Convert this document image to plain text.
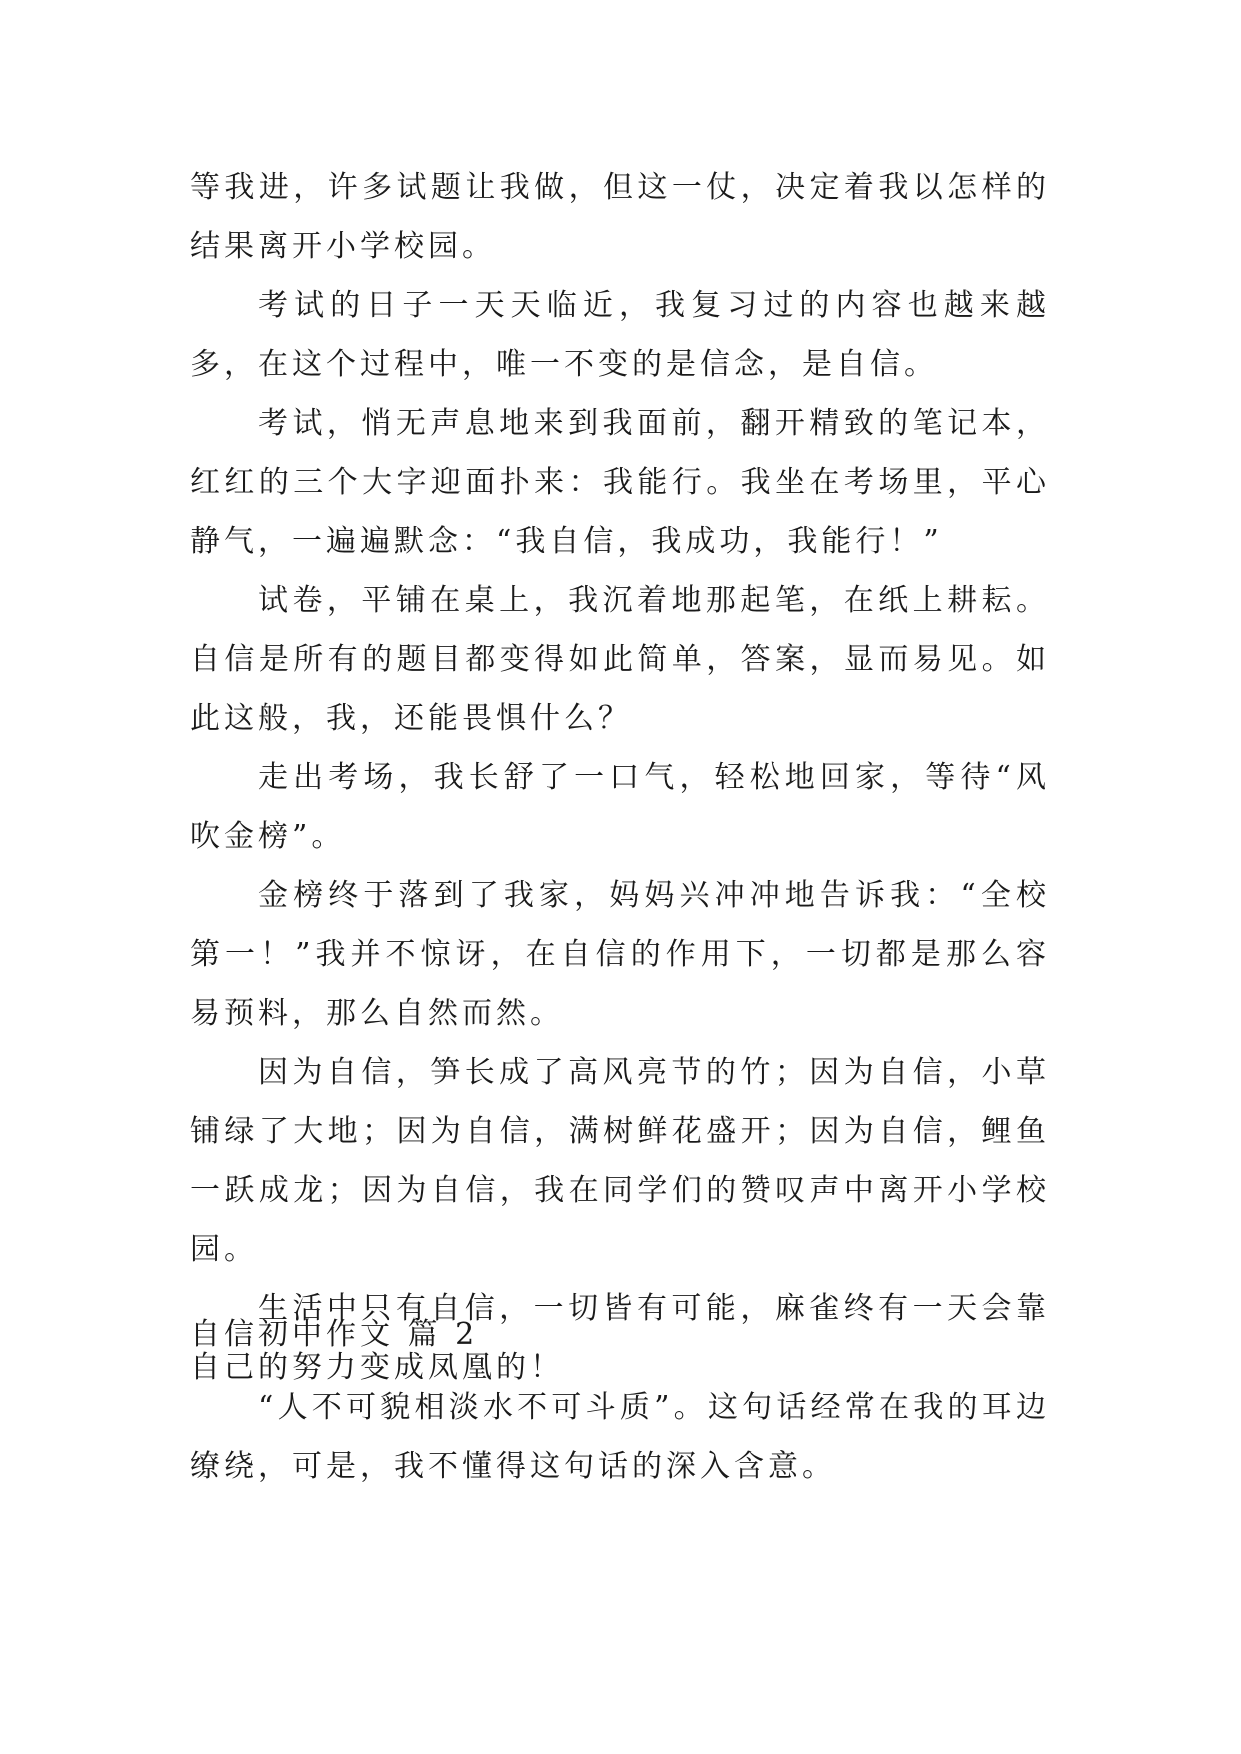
等我进，许多试题让我做，但这一仗，决定着我以怎样的结果离开小学校园。

考试的日子一天天临近，我复习过的内容也越来越多，在这个过程中，唯一不变的是信念，是自信。

考试，悄无声息地来到我面前，翻开精致的笔记本，红红的三个大字迎面扑来：我能行。我坐在考场里，平心静气，一遍遍默念：“我自信，我成功，我能行！”

试卷，平铺在桌上，我沉着地那起笔，在纸上耕耘。自信是所有的题目都变得如此简单，答案，显而易见。如此这般，我，还能畏惧什么？

走出考场，我长舒了一口气，轻松地回家，等待“风吹金榜”。

金榜终于落到了我家，妈妈兴冲冲地告诉我：“全校第一！”我并不惊讶，在自信的作用下，一切都是那么容易预料，那么自然而然。

因为自信，笋长成了高风亮节的竹；因为自信，小草铺绿了大地；因为自信，满树鲜花盛开；因为自信，鲤鱼一跃成龙；因为自信，我在同学们的赞叹声中离开小学校园。

生活中只有自信，一切皆有可能，麻雀终有一天会靠自己的努力变成凤凰的！

自信初中作文 篇 2

“人不可貌相淡水不可斗质”。这句话经常在我的耳边缭绕，可是，我不懂得这句话的深入含意。
